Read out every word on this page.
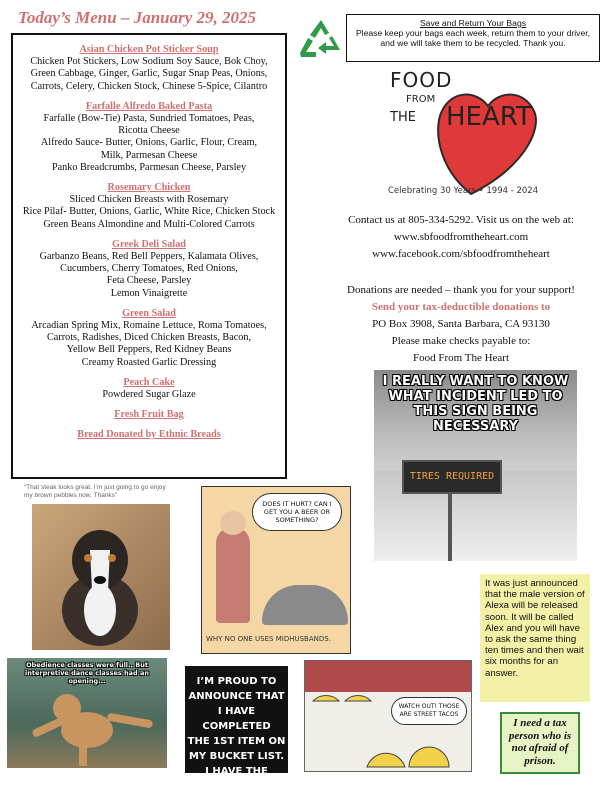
Today’s Menu – January 29, 2025
Asian Chicken Pot Sticker Soup
Chicken Pot Stickers, Low Sodium Soy Sauce, Bok Choy,
Green Cabbage, Ginger, Garlic, Sugar Snap Peas, Onions,
Carrots, Celery, Chicken Stock, Chinese 5-Spice, Cilantro
Farfalle Alfredo Baked Pasta
Farfalle (Bow-Tie) Pasta, Sundried Tomatoes, Peas,
Ricotta Cheese
Alfredo Sauce- Butter, Onions, Garlic, Flour, Cream,
Milk, Parmesan Cheese
Panko Breadcrumbs, Parmesan Cheese, Parsley
Rosemary Chicken
Sliced Chicken Breasts with Rosemary
Rice Pilaf- Butter, Onions, Garlic, White Rice, Chicken Stock
Green Beans Almondine and Multi-Colored Carrots
Greek Deli Salad
Garbanzo Beans, Red Bell Peppers, Kalamata Olives,
Cucumbers, Cherry Tomatoes, Red Onions,
Feta Cheese, Parsley
Lemon Vinaigrette
Green Salad
Arcadian Spring Mix, Romaine Lettuce, Roma Tomatoes,
Carrots, Radishes, Diced Chicken Breasts, Bacon,
Yellow Bell Peppers, Red Kidney Beans
Creamy Roasted Garlic Dressing
Peach Cake
Powdered Sugar Glaze
Fresh Fruit Bag
Bread Donated by Ethnic Breads
Save and Return Your Bags
Please keep your bags each week, return them to your driver, and we will take them to be recycled. Thank you.
FOOD
FROM
THE HEART
Celebrating 30 Years • 1994 - 2024
Contact us at 805-334-5292. Visit us on the web at:
www.sbfoodfromtheheart.com
www.facebook.com/sbfoodfromtheheart
Donations are needed – thank you for your support!
Send your tax-deductible donations to
PO Box 3908, Santa Barbara, CA 93130
Please make checks payable to:
Food From The Heart
I REALLY WANT TO KNOW WHAT INCIDENT LED TO THIS SIGN BEING NECESSARY
TIRES REQUIRED
“That steak looks great. I’m just going to go enjoy my brown pebbles now. Thanks”
DOES IT HURT? CAN I GET YOU A BEER OR SOMETHING?
WHY NO ONE USES MIDHUSBANDS.
It was just announced that the male version of Alexa will be released soon. It will be called Alex and you will have to ask the same thing ten times and then wait six months for an answer.
Obedience classes were full.. But interpretive dance classes had an opening...	I’M PROUD TO
ANNOUNCE THAT
I HAVE COMPLETED
THE 1ST ITEM ON
MY BUCKET LIST.
I HAVE THE BUCKET.
WATCH OUT! THOSE ARE STREET TACOS
I need a tax person who is not afraid of prison.
